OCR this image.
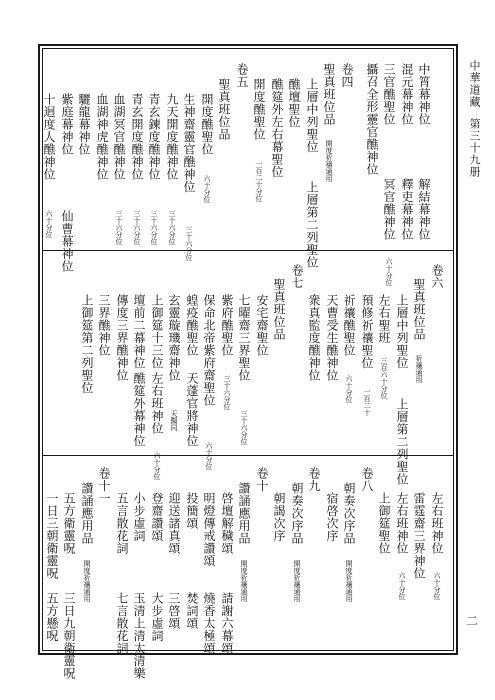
中華道藏
第三十九册
二
中筲幕神位
解結幕神位
混元幕神位
釋吏幕神位
三官醮聖位
冥官醮神位
六十分位
攝召全形靈官醮神位
卷四
聖真班位品
開度祈禱通用
上層中列聖位
上層第二列聖位
醮壇聖位
醮筵外左右幕聖位
開度醮聖位
一百二十分位
卷五
聖真班位品
開度醮聖位
六十分位
生神齋靈官醮神位
三十六分位
九天開度醮神位
三十六分位
青玄鍊度醮神位
三十六分位
青玄開度醮神位
三十六分位
血湖冥官醮神位
三十六分位
血湖神虎醮神位
驪龍幕神位
紫庭幕神位
仙曹幕神位
十迴度人醮神位
六十分位
卷六
聖真班位品
祈禳通用
上層中列聖位
上層第二列聖位
左右聖班
三百六十分位
預修祈禳聖位
一百二十
祈禳醮聖位
六十分位
天曹受生醮神位
衆真監度醮神位
卷七
聖真班位品
安宅齋聖位
七曜齋三界聖位
三十六分位
紫府醮聖位
三十六分位
保命北帝紫府齋聖位
六十分位
蝗疫醮聖位
天蓬官將神位
玄靈璇璣齋神位
天醫同
上御筵十三位
左右班神位
六十分位
壇前二幕神位
醮筵外幕神位
傳度三界醮神位
三界醮神位
上御筵第二列聖位
左右班神位
六十分位
雷霆齋三界神位
左右班神位
六十分位
上御筵聖位
卷八
朝奏次序品
開度祈禳通用
宿啓次序
卷九
朝奏次序品
開度祈禳通用
朝謁次序
卷十
讚誦應用品
開度祈禳通用
啓壇解穢頌
請謝六幕頌
明燈傳戒讚頌
燒香太極頌
投簡頌
焚詞頌
迎送諸真頌
三啓頌
登齋讚頌
大步虛詞
小步虛詞
玉清上清太清樂
五言散花詞
七言散花詞
卷十一
讚誦應用品
開度祈禳通用
五方衛靈呪
三日九朝衛靈呪
一日三朝衛靈呪
五方懸呪
